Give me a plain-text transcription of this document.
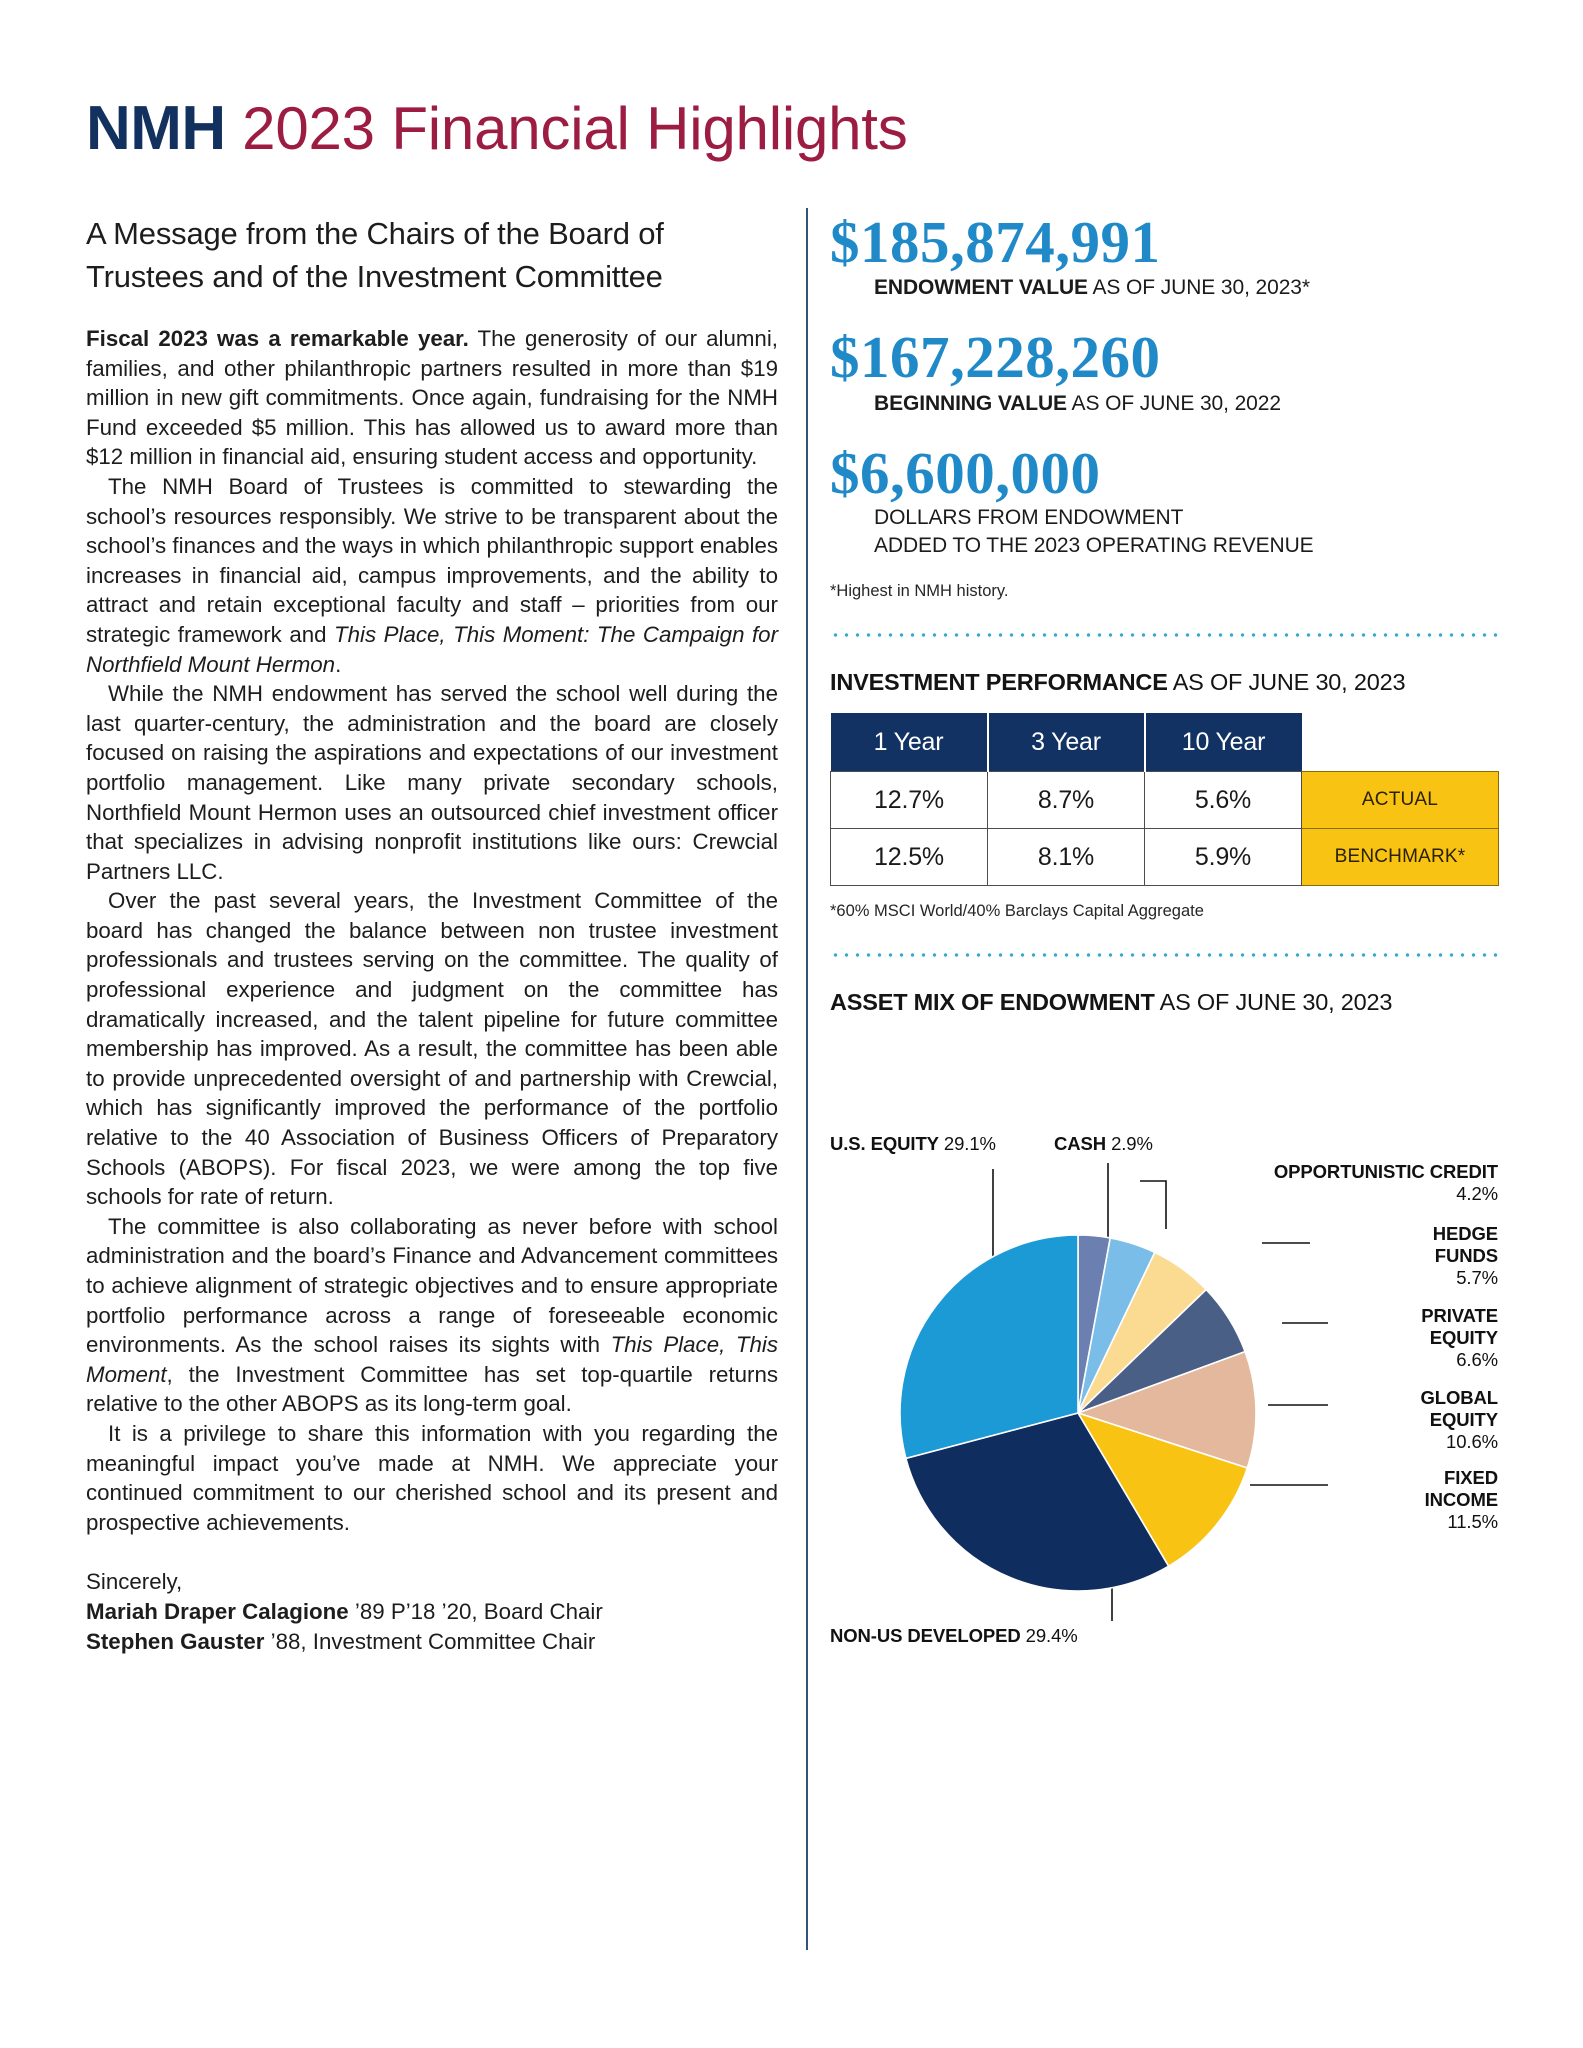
NMH 2023 Financial Highlights
A Message from the Chairs of the Board of Trustees and of the Investment Committee

Fiscal 2023 was a remarkable year. The generosity of our alumni, families, and other philanthropic partners resulted in more than $19 million in new gift commitments. Once again, fundraising for the NMH Fund exceeded $5 million. This has allowed us to award more than $12 million in financial aid, ensuring student access and opportunity.

The NMH Board of Trustees is committed to stewarding the school’s resources responsibly. We strive to be transparent about the school’s finances and the ways in which philanthropic support enables increases in financial aid, campus improvements, and the ability to attract and retain exceptional faculty and staff – priorities from our strategic framework and This Place, This Moment: The Campaign for Northfield Mount Hermon.

While the NMH endowment has served the school well during the last quarter-century, the administration and the board are closely focused on raising the aspirations and expectations of our investment portfolio management. Like many private secondary schools, Northfield Mount Hermon uses an outsourced chief investment officer that specializes in advising nonprofit institutions like ours: Crewcial Partners LLC.

Over the past several years, the Investment Committee of the board has changed the balance between non trustee investment professionals and trustees serving on the committee. The quality of professional experience and judgment on the committee has dramatically increased, and the talent pipeline for future committee membership has improved. As a result, the committee has been able to provide unprecedented oversight of and partnership with Crewcial, which has significantly improved the performance of the portfolio relative to the 40 Association of Business Officers of Preparatory Schools (ABOPS). For fiscal 2023, we were among the top five schools for rate of return.

The committee is also collaborating as never before with school administration and the board’s Finance and Advancement committees to achieve alignment of strategic objectives and to ensure appropriate portfolio performance across a range of foreseeable economic environments. As the school raises its sights with This Place, This Moment, the Investment Committee has set top-quartile returns relative to the other ABOPS as its long-term goal.

It is a privilege to share this information with you regarding the meaningful impact you’ve made at NMH. We appreciate your continued commitment to our cherished school and its present and prospective achievements.

Sincerely,
Mariah Draper Calagione ’89 P’18 ’20, Board Chair
Stephen Gauster ’88, Investment Committee Chair
$185,874,991
ENDOWMENT VALUE AS OF JUNE 30, 2023*
$167,228,260
BEGINNING VALUE AS OF JUNE 30, 2022
$6,600,000
DOLLARS FROM ENDOWMENT
ADDED TO THE 2023 OPERATING REVENUE
*Highest in NMH history.
INVESTMENT PERFORMANCE AS OF JUNE 30, 2023
1 Year	3 Year	10 Year	
12.7%	8.7%	5.6%	ACTUAL
12.5%	8.1%	5.9%	BENCHMARK*
*60% MSCI World/40% Barclays Capital Aggregate
ASSET MIX OF ENDOWMENT AS OF JUNE 30, 2023
U.S. EQUITY 29.1%	CASH 2.9%
OPPORTUNISTIC CREDIT
4.2%
HEDGE
FUNDS
5.7%
PRIVATE
EQUITY
6.6%
GLOBAL
EQUITY
10.6%
FIXED
INCOME
11.5%
NON-US DEVELOPED 29.4%
